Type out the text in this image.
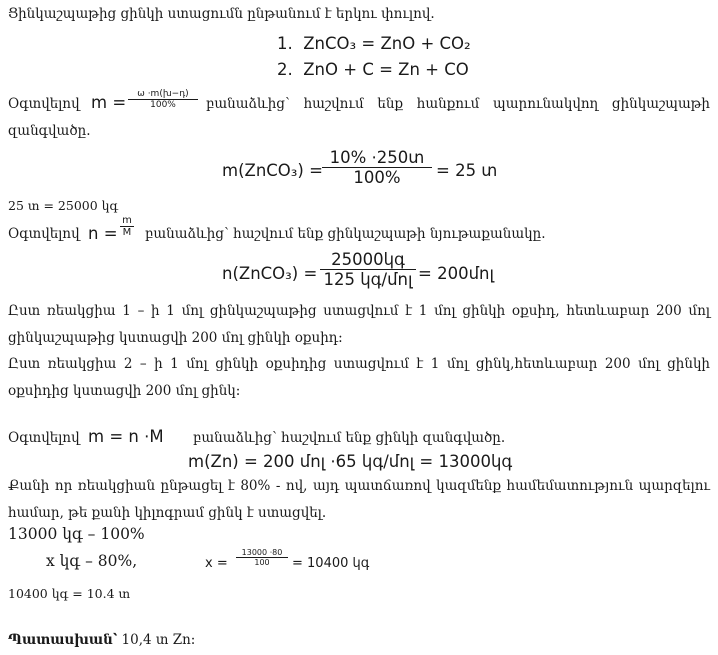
Ցինկաշպաթից ցինկի ստացումն ընթանում է երկու փուլով.
1. ZnCO₃ = ZnO + CO₂
2. ZnO + C = Zn + CO
Օգտվելով m =	ω ·m(խ−դ)
100%	բանաձևից՝ հաշվում ենք հանքում պարունակվող ցինկաշպաթի
զանգվածը.
m(ZnCO₃) =
10% ⋅250տ
100%	= 25 տ
25 տ = 25000 կգ
Օգտվելով n =
m
M բանաձևից՝ հաշվում ենք ցինկաշպաթի նյութաքանակը.
n(ZnCO₃) =
25000կգ
125 կգ/մոլ = 200մոլ
Ըստ ռեակցիա 1 – ի 1 մոլ ցինկաշպաթից ստացվում է 1 մոլ ցինկի օքսիդ, հետևաբար 200 մոլ
ցինկաշպաթից կստացվի 200 մոլ ցինկի օքսիդ:
Ըստ ռեակցիա 2 – ի 1 մոլ ցինկի օքսիդից ստացվում է 1 մոլ ցինկ,հետևաբար 200 մոլ ցինկի
օքսիդից կստացվի 200 մոլ ցինկ:
Օգտվելով m = n ⋅M բանաձևից՝ հաշվում ենք ցինկի զանգվածը.
m(Zn) = 200 մոլ ⋅65 կգ/մոլ = 13000կգ
Քանի որ ռեակցիան ընթացել է 80% - ով, այդ պատճառով կազմենք համեմատություն պարզելու
համար, թե քանի կիլոգրամ ցինկ է ստացվել.
13000 կգ – 100%
x կգ – 80%,	x =
13000 ⋅80
100	= 10400 կգ
10400 կգ = 10.4 տ
Պատասխան՝ 10,4 տ Zn:
